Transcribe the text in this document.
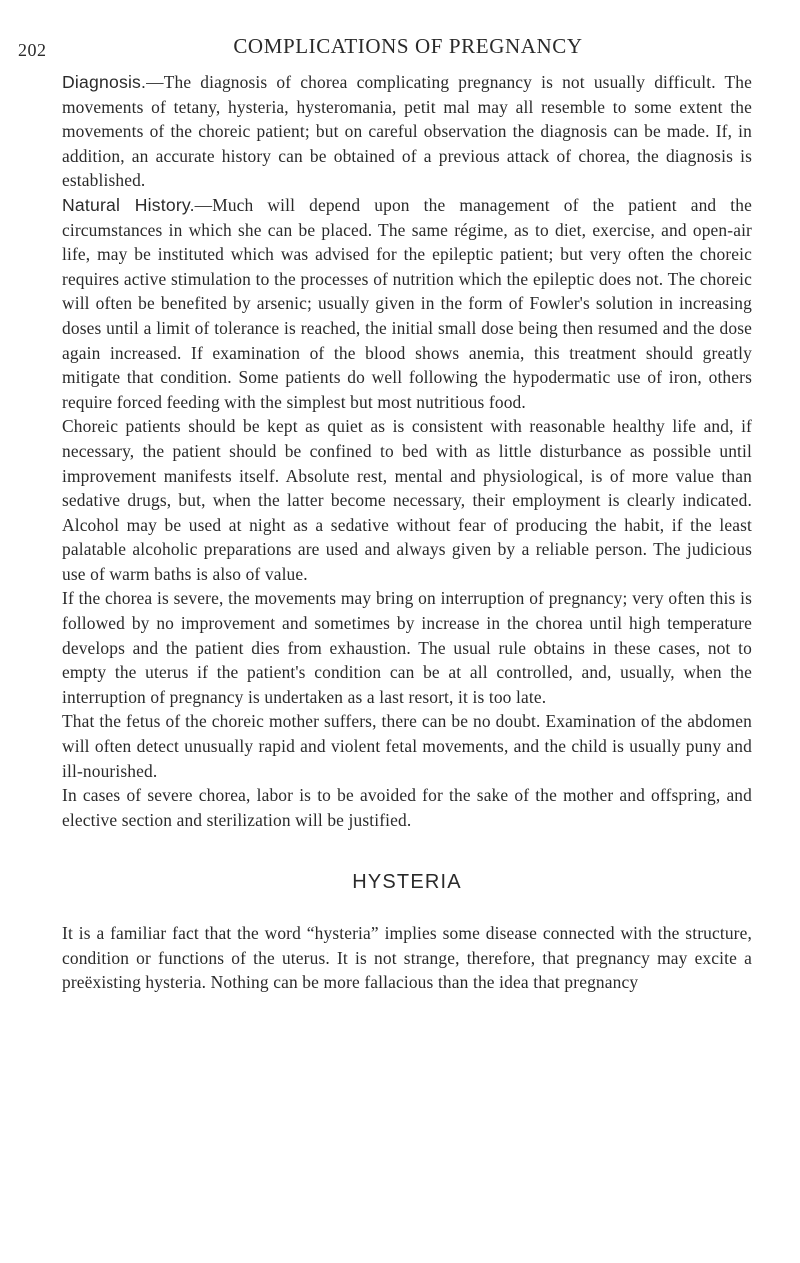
202	COMPLICATIONS OF PREGNANCY

Diagnosis.—The diagnosis of chorea complicating pregnancy is not usually difficult. The movements of tetany, hysteria, hysteromania, petit mal may all resemble to some extent the movements of the choreic patient; but on careful observation the diagnosis can be made. If, in addition, an accurate history can be obtained of a previous attack of chorea, the diagnosis is established.

Natural History.—Much will depend upon the management of the patient and the circumstances in which she can be placed. The same régime, as to diet, exercise, and open-air life, may be instituted which was advised for the epileptic patient; but very often the choreic requires active stimulation to the processes of nutrition which the epileptic does not. The choreic will often be benefited by arsenic; usually given in the form of Fowler's solution in increasing doses until a limit of tolerance is reached, the initial small dose being then resumed and the dose again increased. If examination of the blood shows anemia, this treatment should greatly mitigate that condition. Some patients do well following the hypodermatic use of iron, others require forced feeding with the simplest but most nutritious food.

Choreic patients should be kept as quiet as is consistent with reasonable healthy life and, if necessary, the patient should be confined to bed with as little disturbance as possible until improvement manifests itself. Absolute rest, mental and physiological, is of more value than sedative drugs, but, when the latter become necessary, their employment is clearly indicated. Alcohol may be used at night as a sedative without fear of producing the habit, if the least palatable alcoholic preparations are used and always given by a reliable person. The judicious use of warm baths is also of value.

If the chorea is severe, the movements may bring on interruption of pregnancy; very often this is followed by no improvement and sometimes by increase in the chorea until high temperature develops and the patient dies from exhaustion. The usual rule obtains in these cases, not to empty the uterus if the patient's condition can be at all controlled, and, usually, when the interruption of pregnancy is undertaken as a last resort, it is too late.

That the fetus of the choreic mother suffers, there can be no doubt. Examination of the abdomen will often detect unusually rapid and violent fetal movements, and the child is usually puny and ill-nourished.

In cases of severe chorea, labor is to be avoided for the sake of the mother and offspring, and elective section and sterilization will be justified.

HYSTERIA

It is a familiar fact that the word “hysteria” implies some disease connected with the structure, condition or functions of the uterus. It is not strange, therefore, that pregnancy may excite a preëxisting hysteria. Nothing can be more fallacious than the idea that pregnancy
